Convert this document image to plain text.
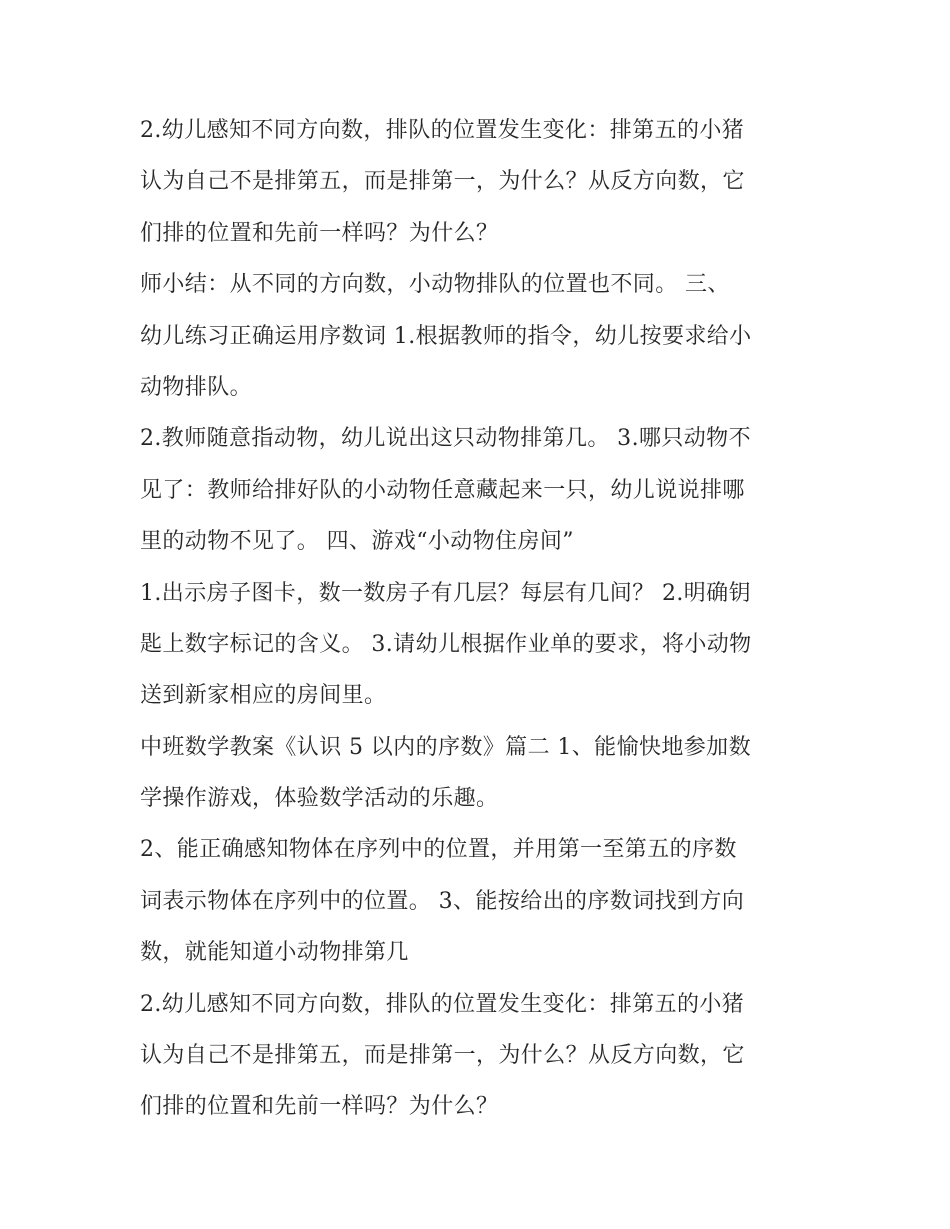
2.幼儿感知不同方向数，排队的位置发生变化：排第五的小猪
认为自己不是排第五，而是排第一，为什么？从反方向数，它
们排的位置和先前一样吗？为什么？
师小结：从不同的方向数，小动物排队的位置也不同。 三、
幼儿练习正确运用序数词 1.根据教师的指令，幼儿按要求给小
动物排队。
2.教师随意指动物，幼儿说出这只动物排第几。 3.哪只动物不
见了：教师给排好队的小动物任意藏起来一只，幼儿说说排哪
里的动物不见了。 四、游戏“小动物住房间”
1.出示房子图卡，数一数房子有几层？每层有几间？ 2.明确钥
匙上数字标记的含义。 3.请幼儿根据作业单的要求，将小动物
送到新家相应的房间里。
中班数学教案《认识 5 以内的序数》篇二 1、能愉快地参加数
学操作游戏，体验数学活动的乐趣。
2、能正确感知物体在序列中的位置，并用第一至第五的序数
词表示物体在序列中的位置。 3、能按给出的序数词找到方向
数，就能知道小动物排第几
2.幼儿感知不同方向数，排队的位置发生变化：排第五的小猪
认为自己不是排第五，而是排第一，为什么？从反方向数，它
们排的位置和先前一样吗？为什么？
